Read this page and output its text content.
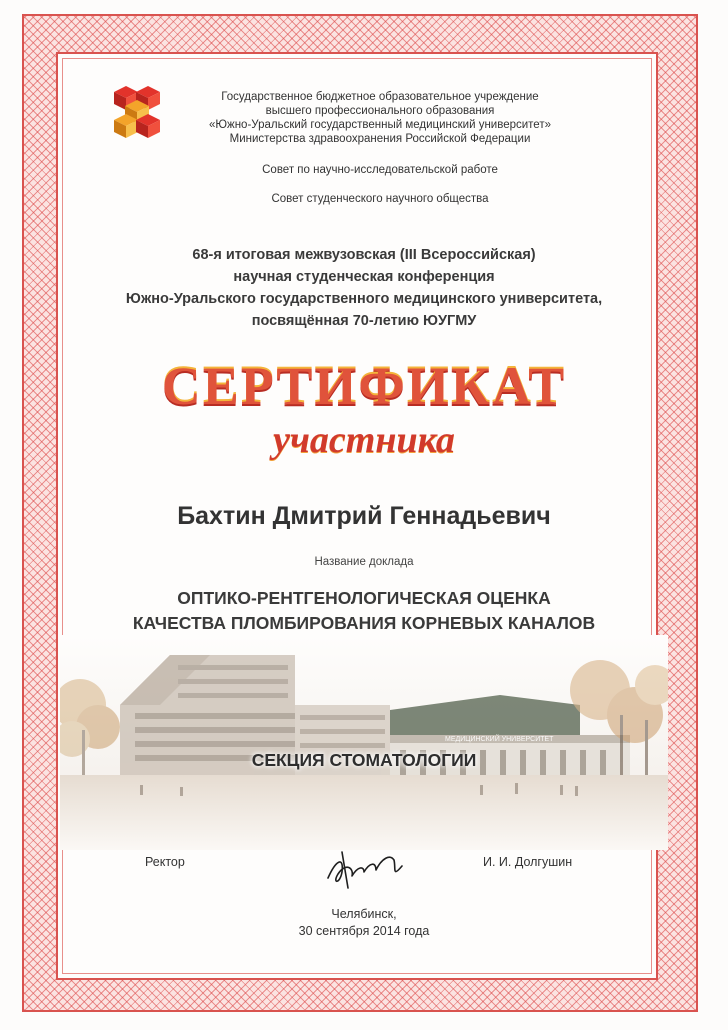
Государственное бюджетное образовательное учреждение
высшего профессионального образования
«Южно-Уральский государственный медицинский университет»
Министерства здравоохранения Российской Федерации
Совет по научно-исследовательской работе
Совет студенческого научного общества
68-я итоговая межвузовская (III Всероссийская)
научная студенческая конференция
Южно-Уральского государственного медицинского университета,
посвящённая 70-летию ЮУГМУ
СЕРТИФИКАТ
участника
Бахтин Дмитрий Геннадьевич
Название доклада
ОПТИКО-РЕНТГЕНОЛОГИЧЕСКАЯ ОЦЕНКА
КАЧЕСТВА ПЛОМБИРОВАНИЯ КОРНЕВЫХ КАНАЛОВ
МЕДИЦИНСКИЙ УНИВЕРСИТЕТ
СЕКЦИЯ СТОМАТОЛОГИИ
Ректор	И. И. Долгушин
Челябинск,
30 сентября 2014 года
